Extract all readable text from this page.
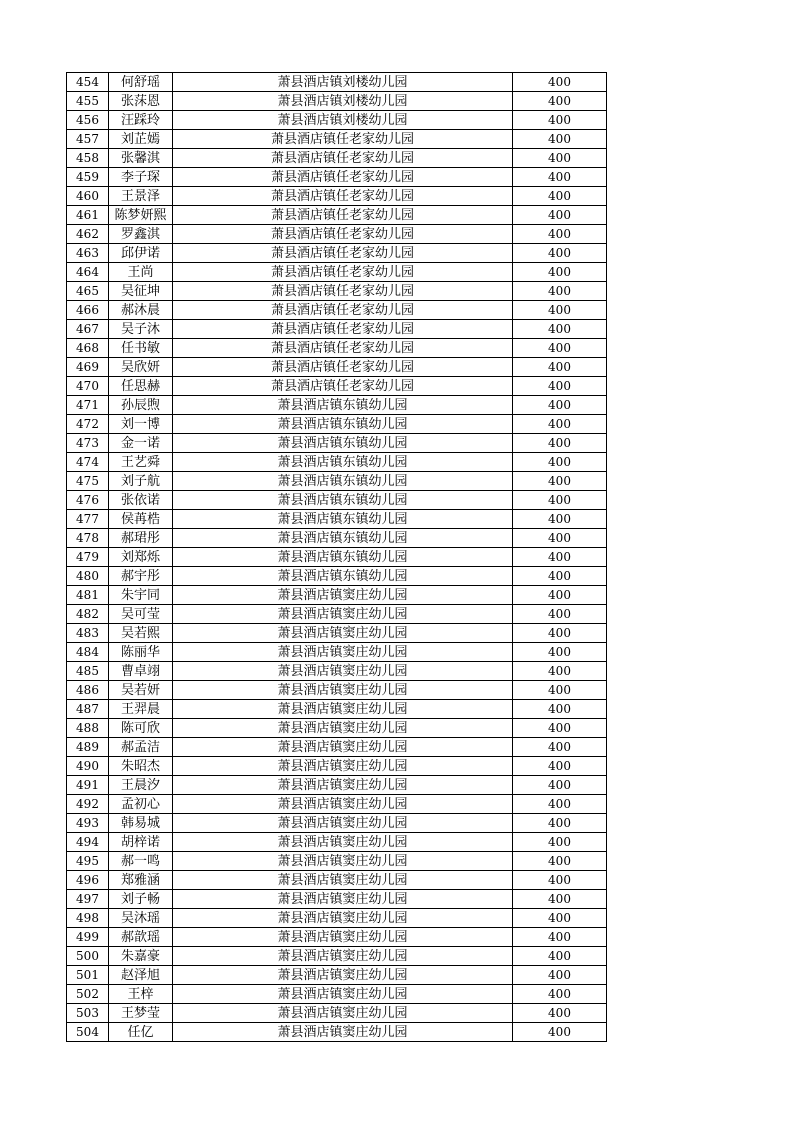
454	何舒瑶	萧县酒店镇刘楼幼儿园	400
455	张莯恩	萧县酒店镇刘楼幼儿园	400
456	汪踩玲	萧县酒店镇刘楼幼儿园	400
457	刘芷嫣	萧县酒店镇任老家幼儿园	400
458	张馨淇	萧县酒店镇任老家幼儿园	400
459	李子琛	萧县酒店镇任老家幼儿园	400
460	王景泽	萧县酒店镇任老家幼儿园	400
461	陈梦妍熙	萧县酒店镇任老家幼儿园	400
462	罗鑫淇	萧县酒店镇任老家幼儿园	400
463	邱伊诺	萧县酒店镇任老家幼儿园	400
464	王尚	萧县酒店镇任老家幼儿园	400
465	吴征坤	萧县酒店镇任老家幼儿园	400
466	郝沐晨	萧县酒店镇任老家幼儿园	400
467	吴子沐	萧县酒店镇任老家幼儿园	400
468	任书敏	萧县酒店镇任老家幼儿园	400
469	吴欣妍	萧县酒店镇任老家幼儿园	400
470	任思赫	萧县酒店镇任老家幼儿园	400
471	孙辰煦	萧县酒店镇东镇幼儿园	400
472	刘一博	萧县酒店镇东镇幼儿园	400
473	金一诺	萧县酒店镇东镇幼儿园	400
474	王艺舜	萧县酒店镇东镇幼儿园	400
475	刘子航	萧县酒店镇东镇幼儿园	400
476	张依诺	萧县酒店镇东镇幼儿园	400
477	侯苒梏	萧县酒店镇东镇幼儿园	400
478	郝珺彤	萧县酒店镇东镇幼儿园	400
479	刘郑烁	萧县酒店镇东镇幼儿园	400
480	郝宇彤	萧县酒店镇东镇幼儿园	400
481	朱宇同	萧县酒店镇窦庄幼儿园	400
482	吴可莹	萧县酒店镇窦庄幼儿园	400
483	吴若熙	萧县酒店镇窦庄幼儿园	400
484	陈丽华	萧县酒店镇窦庄幼儿园	400
485	曹卓翊	萧县酒店镇窦庄幼儿园	400
486	吴若妍	萧县酒店镇窦庄幼儿园	400
487	王羿晨	萧县酒店镇窦庄幼儿园	400
488	陈可欣	萧县酒店镇窦庄幼儿园	400
489	郝孟洁	萧县酒店镇窦庄幼儿园	400
490	朱昭杰	萧县酒店镇窦庄幼儿园	400
491	王晨汐	萧县酒店镇窦庄幼儿园	400
492	孟初心	萧县酒店镇窦庄幼儿园	400
493	韩易城	萧县酒店镇窦庄幼儿园	400
494	胡梓诺	萧县酒店镇窦庄幼儿园	400
495	郝一鸣	萧县酒店镇窦庄幼儿园	400
496	郑雅涵	萧县酒店镇窦庄幼儿园	400
497	刘子畅	萧县酒店镇窦庄幼儿园	400
498	吴沐瑶	萧县酒店镇窦庄幼儿园	400
499	郝歆瑶	萧县酒店镇窦庄幼儿园	400
500	朱嘉豪	萧县酒店镇窦庄幼儿园	400
501	赵泽旭	萧县酒店镇窦庄幼儿园	400
502	王梓	萧县酒店镇窦庄幼儿园	400
503	王梦莹	萧县酒店镇窦庄幼儿园	400
504	任亿	萧县酒店镇窦庄幼儿园	400
